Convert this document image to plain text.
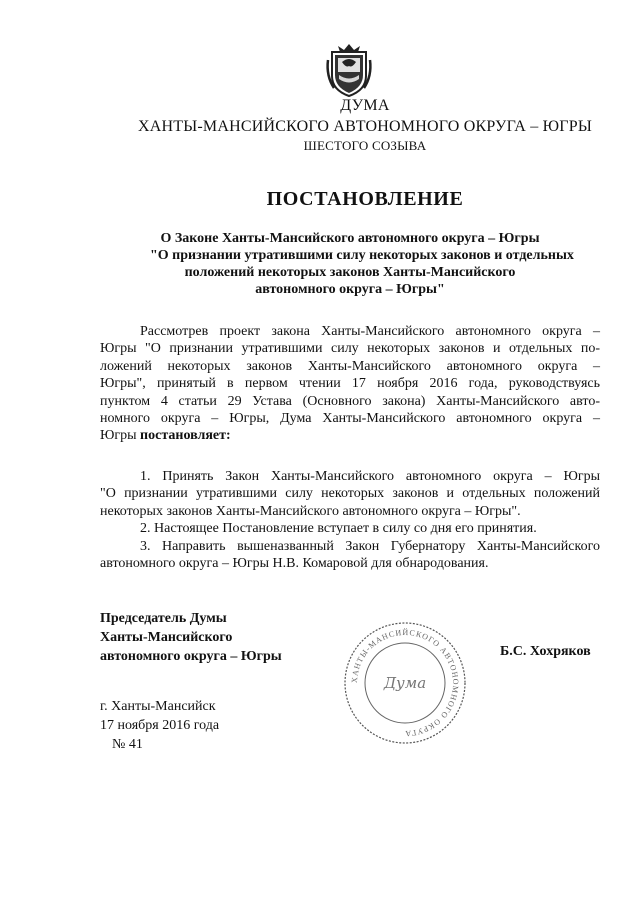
ДУМА
ХАНТЫ-МАНСИЙСКОГО АВТОНОМНОГО ОКРУГА – ЮГРЫ
ШЕСТОГО СОЗЫВА
ПОСТАНОВЛЕНИЕ
О Законе Ханты-Мансийского автономного округа – Югры
"О признании утратившими силу некоторых законов и отдельных
положений некоторых законов Ханты-Мансийского
автономного округа – Югры"
Рассмотрев проект закона Ханты-Мансийского автономного округа –
Югры "О признании утратившими силу некоторых законов и отдельных по-
ложений некоторых законов Ханты-Мансийского автономного округа –
Югры", принятый в первом чтении 17 ноября 2016 года, руководствуясь
пунктом 4 статьи 29 Устава (Основного закона) Ханты-Мансийского авто-
номного округа – Югры, Дума Ханты-Мансийского автономного округа –
Югры постановляет:
1. Принять Закон Ханты-Мансийского автономного округа – Югры
"О признании утратившими силу некоторых законов и отдельных положений
некоторых законов Ханты-Мансийского автономного округа – Югры".
2. Настоящее Постановление вступает в силу со дня его принятия.
3. Направить вышеназванный Закон Губернатору Ханты-Мансийского
автономного округа – Югры Н.В. Комаровой для обнародования.
Председатель Думы
Ханты-Мансийского
автономного округа – Югры
ХАНТЫ-МАНСИЙСКОГО АВТОНОМНОГО ОКРУГА
Дума
Б.С. Хохряков
г. Ханты-Мансийск
17 ноября 2016 года
№ 41
